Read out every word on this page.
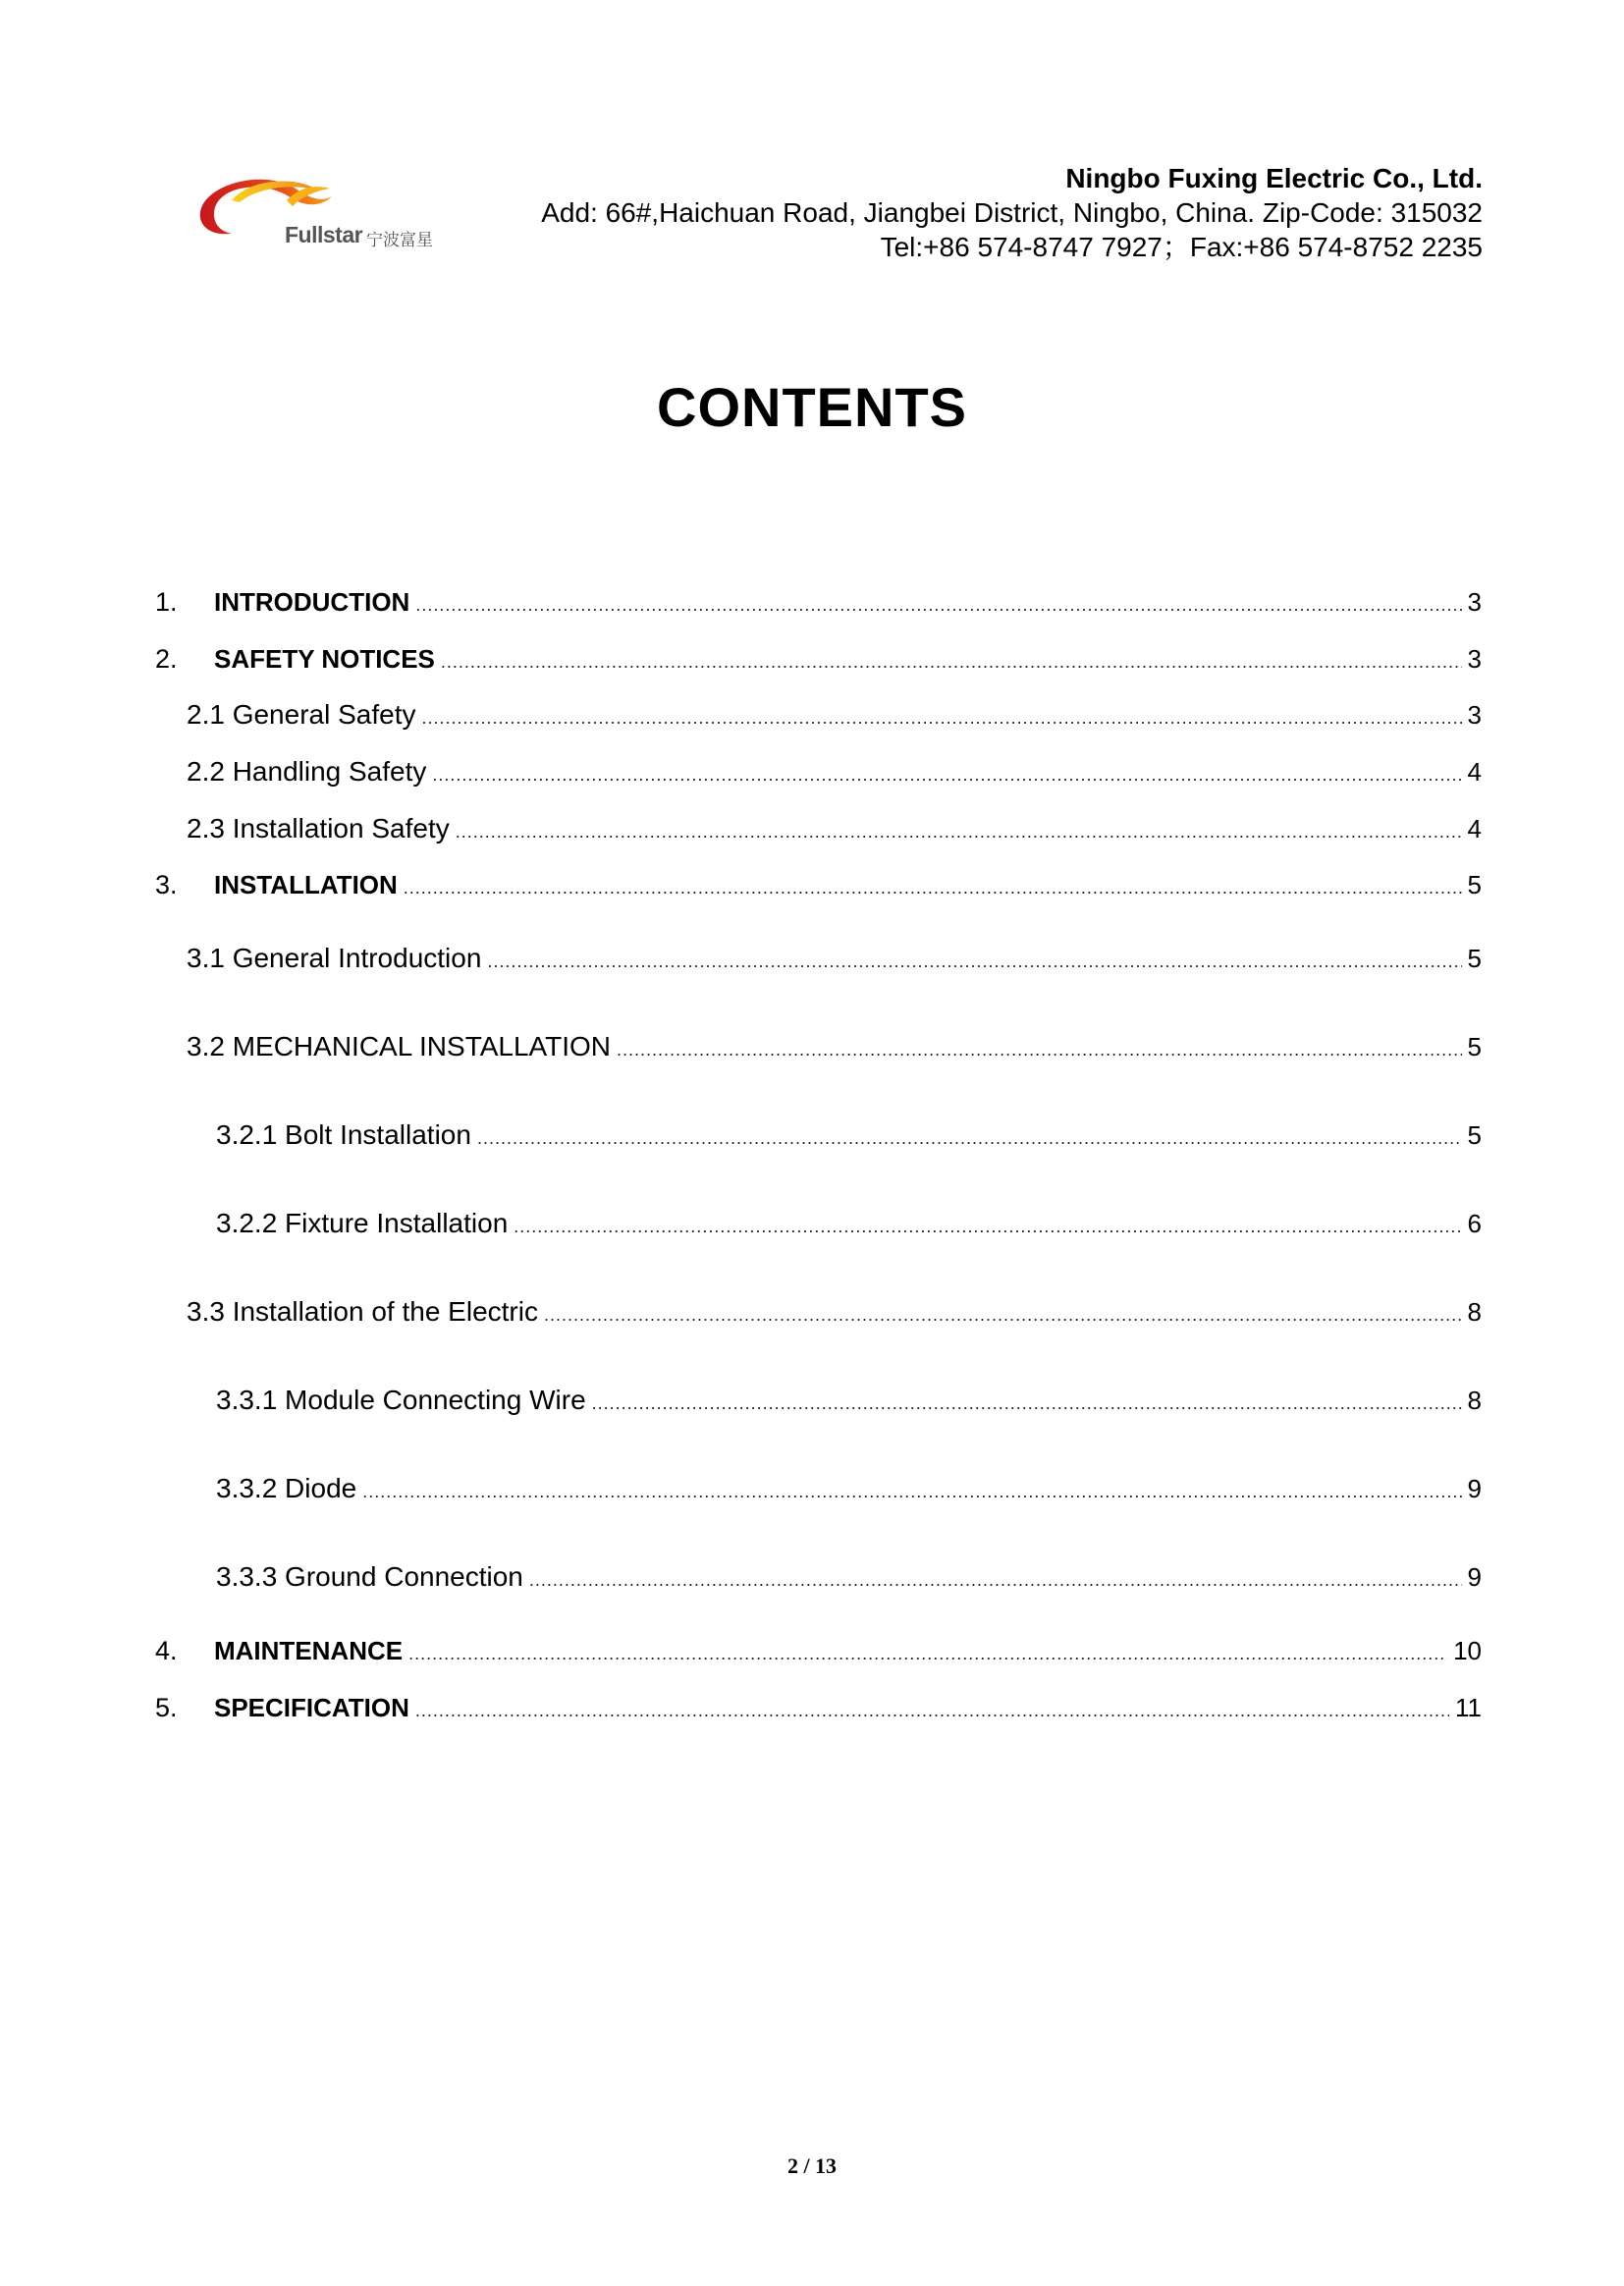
Fullstar 宁波富星
Ningbo Fuxing Electric Co., Ltd.
Add: 66#,Haichuan Road, Jiangbei District, Ningbo, China. Zip-Code: 315032
Tel:+86 574-8747 7927；Fax:+86 574-8752 2235
CONTENTS
1.	INTRODUCTION .....	3
2.	SAFETY NOTICES .....	3
2.1 General Safety .....	3
2.2 Handling Safety .....	4
2.3 Installation Safety .....	4
3.	INSTALLATION .....	5
3.1 General Introduction .....	5
3.2 MECHANICAL INSTALLATION .....	5
3.2.1 Bolt Installation .....	5
3.2.2 Fixture Installation .....	6
3.3 Installation of the Electric .....	8
3.3.1 Module Connecting Wire .....	8
3.3.2 Diode .....	9
3.3.3 Ground Connection .....	9
4.	MAINTENANCE .....	10
5.	SPECIFICATION .....	11
2 / 13
